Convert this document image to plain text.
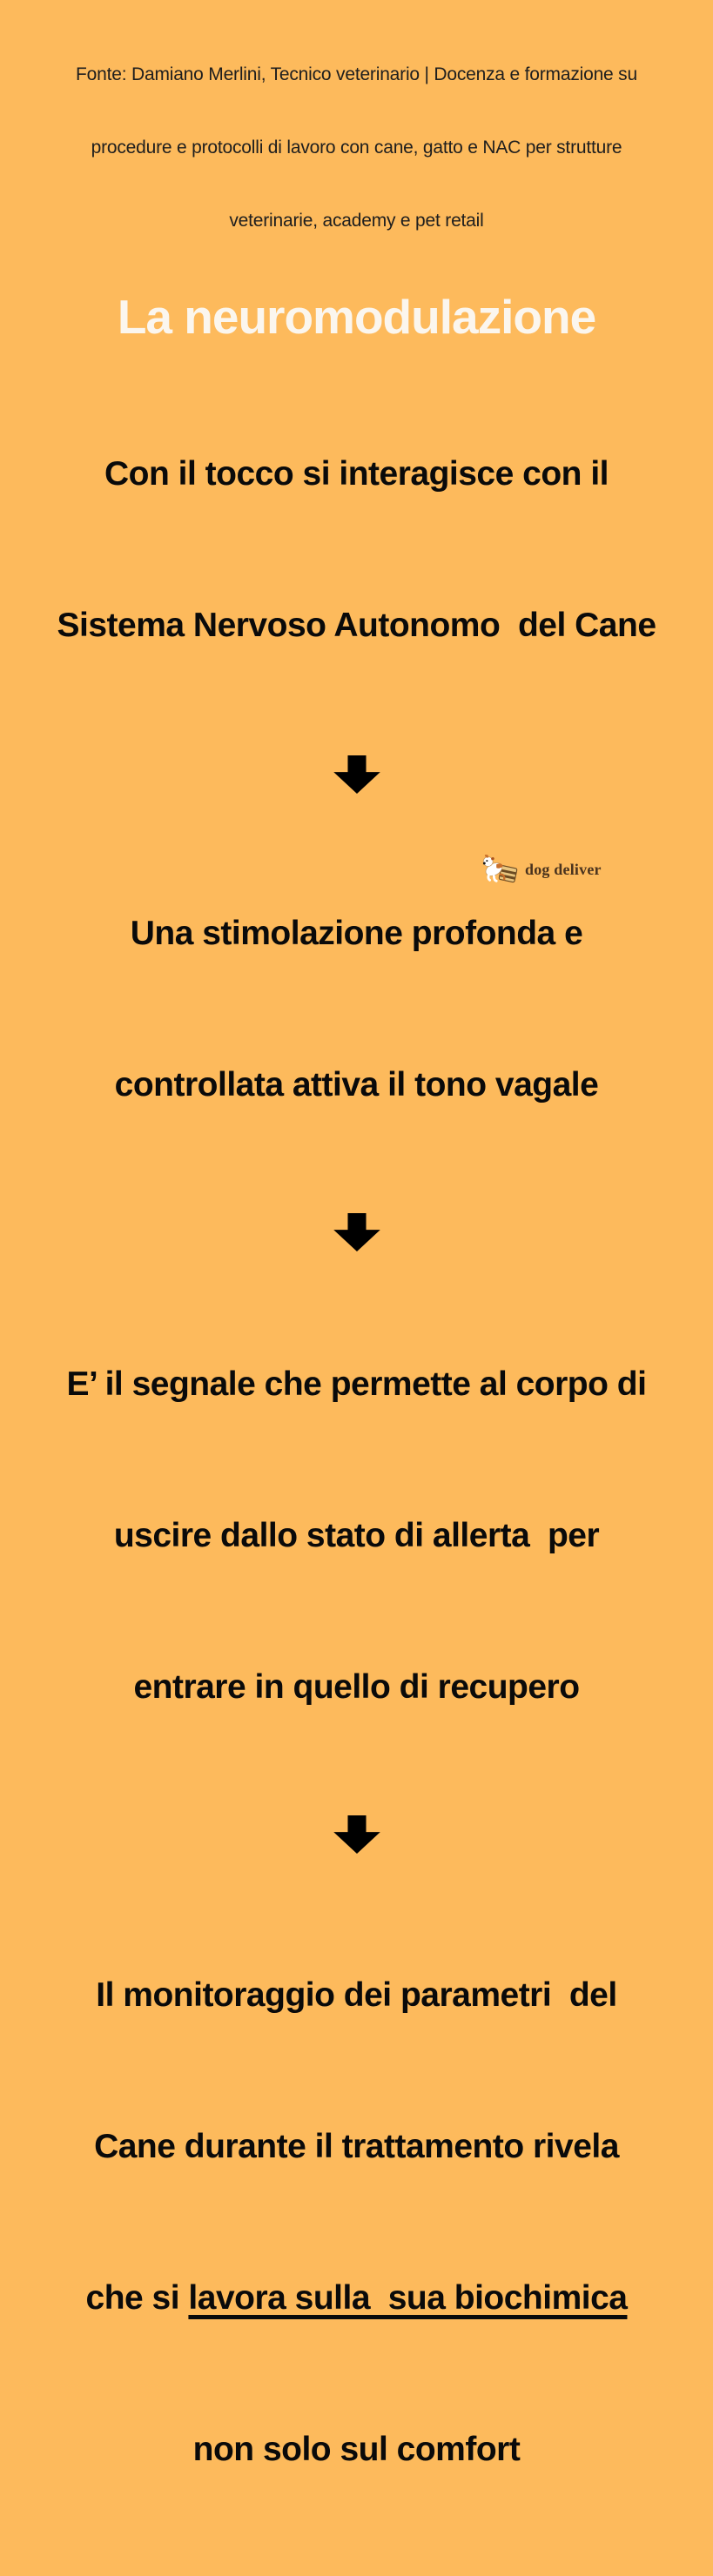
Fonte: Damiano Merlini, Tecnico veterinario | Docenza e formazione su

procedure e protocolli di lavoro con cane, gatto e NAC per strutture

veterinarie, academy e pet retail

La neuromodulazione

Con il tocco si interagisce con il

Sistema Nervoso Autonomo  del Cane

Una stimolazione profonda e

controllata attiva il tono vagale

E’ il segnale che permette al corpo di

uscire dallo stato di allerta  per

entrare in quello di recupero

Il monitoraggio dei parametri  del

Cane durante il trattamento rivela

che si lavora sulla  sua biochimica

non solo sul comfort

dog deliver
